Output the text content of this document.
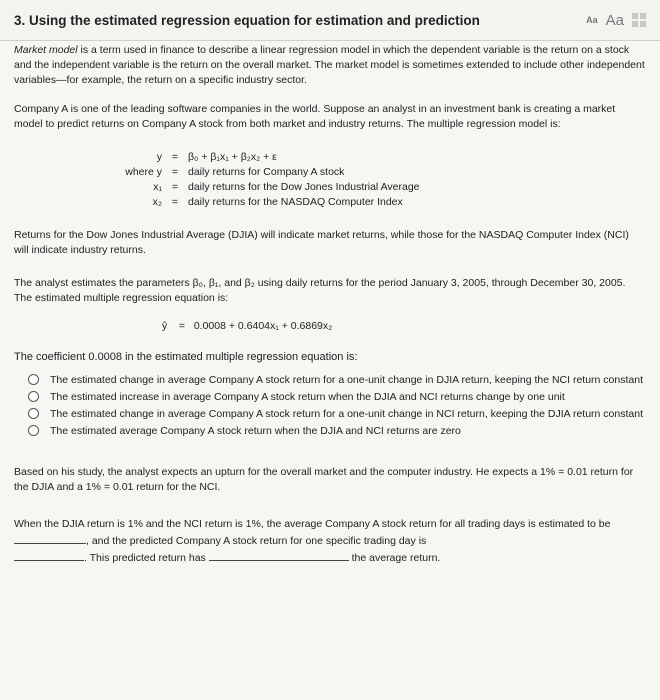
3. Using the estimated regression equation for estimation and prediction	Aa Aa

Market model is a term used in finance to describe a linear regression model in which the dependent variable is the return on a stock and the independent variable is the return on the overall market. The market model is sometimes extended to include other independent variables—for example, the return on a specific industry sector.

Company A is one of the leading software companies in the world. Suppose an analyst in an investment bank is creating a market model to predict returns on Company A stock from both market and industry returns. The multiple regression model is:

y	=	β₀ + β₁x₁ + β₂x₂ + ε
where y	=	daily returns for Company A stock
x₁	=	daily returns for the Dow Jones Industrial Average
x₂	=	daily returns for the NASDAQ Computer Index

Returns for the Dow Jones Industrial Average (DJIA) will indicate market returns, while those for the NASDAQ Computer Index (NCI) will indicate industry returns.

The analyst estimates the parameters β₀, β₁, and β₂ using daily returns for the period January 3, 2005, through December 30, 2005. The estimated multiple regression equation is:

ŷ = 0.0008 + 0.6404x₁ + 0.6869x₂

The coefficient 0.0008 in the estimated multiple regression equation is:

The estimated change in average Company A stock return for a one-unit change in DJIA return, keeping the NCI return constant
The estimated increase in average Company A stock return when the DJIA and NCI returns change by one unit
The estimated change in average Company A stock return for a one-unit change in NCI return, keeping the DJIA return constant
The estimated average Company A stock return when the DJIA and NCI returns are zero

Based on his study, the analyst expects an upturn for the overall market and the computer industry. He expects a 1% = 0.01 return for the DJIA and a 1% = 0.01 return for the NCI.

When the DJIA return is 1% and the NCI return is 1%, the average Company A stock return for all trading days is estimated to be , and the predicted Company A stock return for one specific trading day is
. This predicted return has	the average return.
